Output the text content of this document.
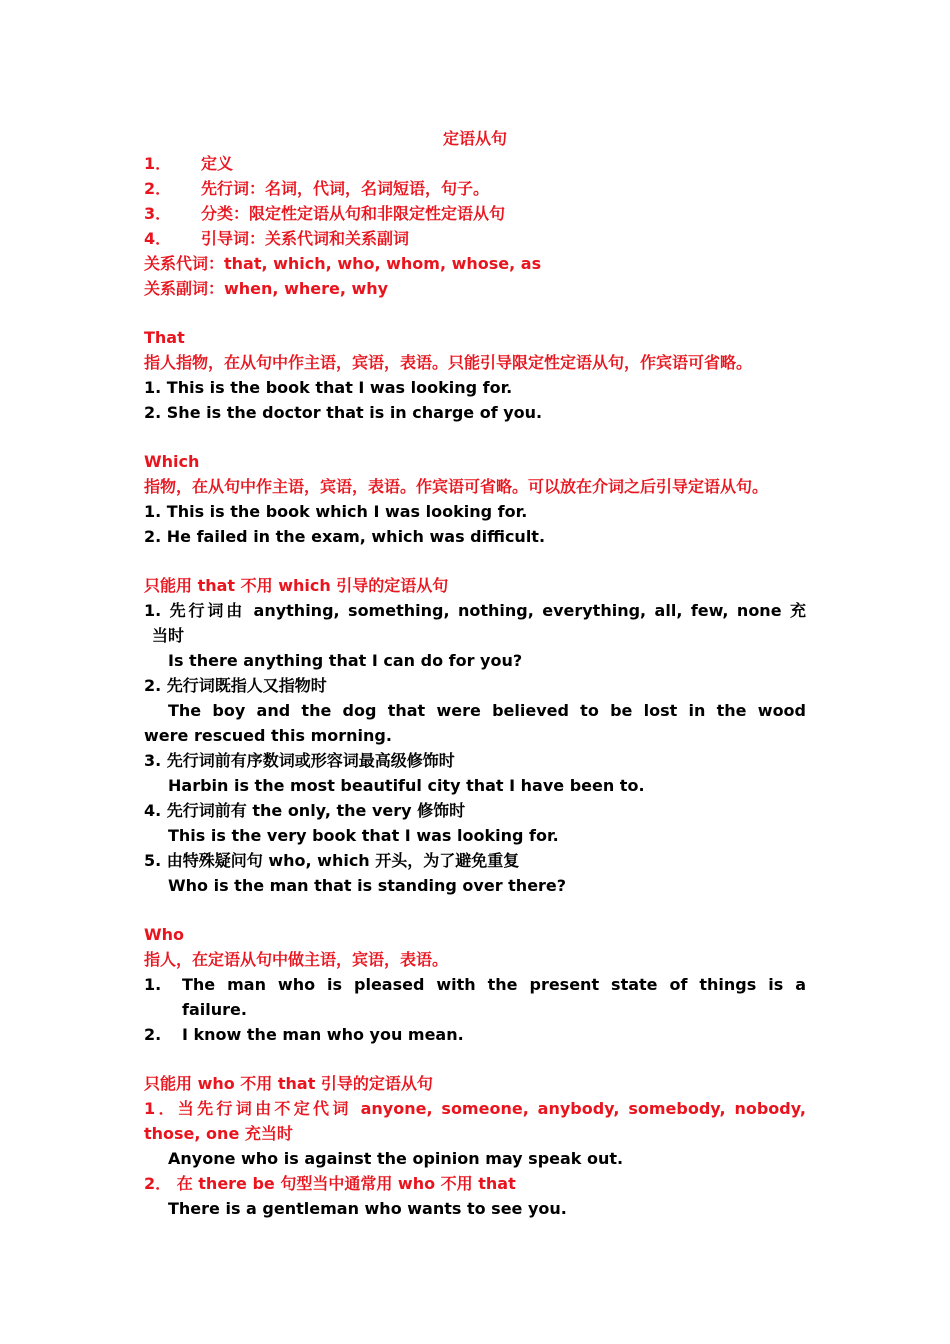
定语从句
1． 定义
2． 先行词：名词，代词，名词短语，句子。
3． 分类：限定性定语从句和非限定性定语从句
4． 引导词：关系代词和关系副词
关系代词：that, which, who, whom, whose, as
关系副词：when, where, why
That
指人指物，在从句中作主语，宾语，表语。只能引导限定性定语从句，作宾语可省略。
1. This is the book that I was looking for.
2. She is the doctor that is in charge of you.
Which
指物，在从句中作主语，宾语，表语。作宾语可省略。可以放在介词之后引导定语从句。
1. This is the book which I was looking for.
2. He failed in the exam, which was difficult.
只能用 that 不用 which 引导的定语从句
1. 先行词由 anything, something, nothing, everything, all, few, none 充
当时
Is there anything that I can do for you?
2. 先行词既指人又指物时
The boy and the dog that were believed to be lost in the wood
were rescued this morning.
3. 先行词前有序数词或形容词最高级修饰时
Harbin is the most beautiful city that I have been to.
4. 先行词前有 the only, the very 修饰时
This is the very book that I was looking for.
5. 由特殊疑问句 who, which 开头，为了避免重复
Who is the man that is standing over there?
Who
指人，在定语从句中做主语，宾语，表语。
1.	The man who is pleased with the present state of things is a
failure.
2.	I know the man who you mean.
只能用 who 不用 that 引导的定语从句
1．当先行词由不定代词 anyone, someone, anybody, somebody, nobody,
those, one 充当时
Anyone who is against the opinion may speak out.
2． 在 there be 句型当中通常用 who 不用 that
There is a gentleman who wants to see you.
